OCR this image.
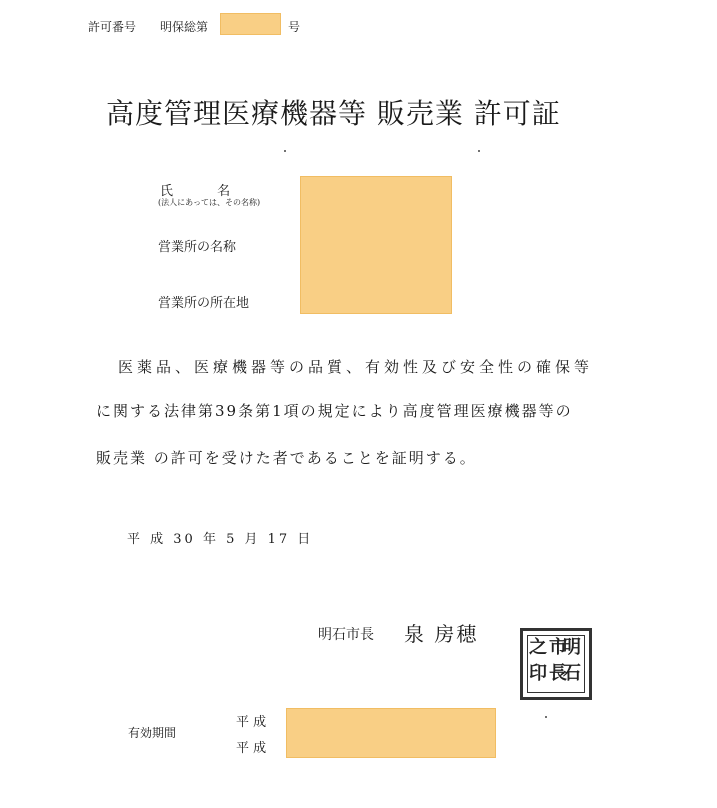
許可番号 明保総第	号
高度管理医療機器等 販売業 許可証
氏 名
(法人にあっては、その名称)
営業所の名称
営業所の所在地
医薬品、医療機器等の品質、有効性及び安全性の確保等
に関する法律第39条第1項の規定により高度管理医療機器等の
販売業 の許可を受けた者であることを証明する。
平 成 30 年 5 月 17 日
明石市長 泉 房穂
明
石
市
長
之
印
有効期間
平 成
平 成
